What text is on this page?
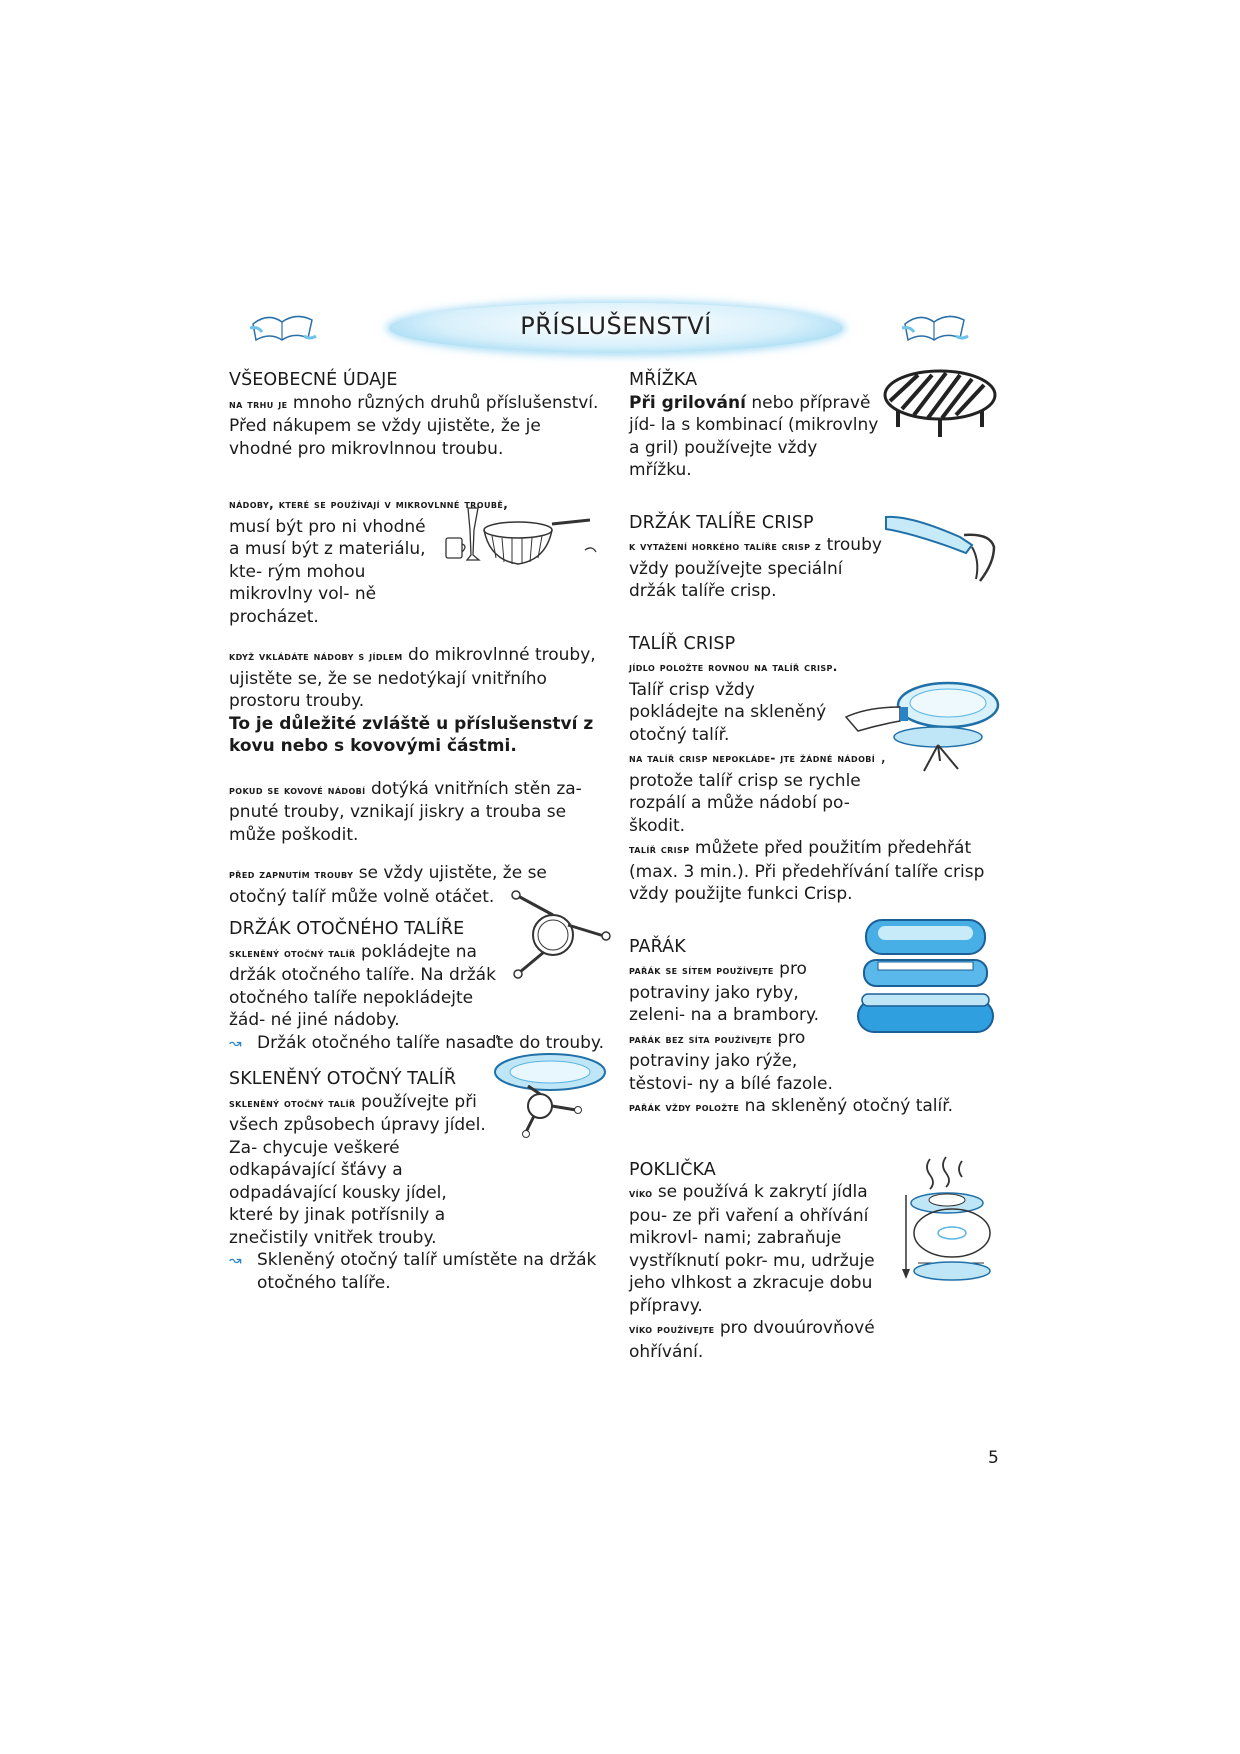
PŘÍSLUŠENSTVÍ

VŠEOBECNÉ ÚDAJE

na trhu je mnoho různých druhů příslušenství. Před nákupem se vždy ujistěte, že je vhodné pro mikrovlnnou troubu.

nádoby, které se používají v mikrovlnné troubě,

musí být pro ni vhodné a musí být z materiálu, kte- rým mohou mikrovlny vol- ně procházet.

když vkládáte nádoby s jídlem do mikrovlnné trouby, ujistěte se, že se nedotýkají vnitřního prostoru trouby.

To je důležité zvláště u příslušenství z kovu nebo s kovovými částmi.

pokud se kovové nádobí dotýká vnitřních stěn za- pnuté trouby, vznikají jiskry a trouba se může poškodit.

před zapnutím trouby se vždy ujistěte, že se otočný talíř může volně otáčet.

DRŽÁK OTOČNÉHO TALÍŘE

skleněný otočný talíř pokládejte na držák otočného talíře. Na držák otočného talíře nepokládejte žád- né jiné nádoby.

↝ Držák otočného talíře nasaďte do trouby.

SKLENĚNÝ OTOČNÝ TALÍŘ

skleněný otočný talíř používejte při všech způsobech úpravy jídel. Za- chycuje veškeré odkapávající šťávy a odpadávající kousky jídel, které by jinak potřísnily a znečistily vnitřek trouby.

↝ Skleněný otočný talíř umístěte na držák otočného talíře.

MŘÍŽKA

Při grilování nebo přípravě jíd- la s kombinací (mikrovlny a gril) používejte vždy mřížku.

DRŽÁK TALÍŘE CRISP

k vytažení horkého talíře crisp z trouby vždy používejte speciální držák talíře crisp.

TALÍŘ CRISP

jídlo položte rovnou na talíř crisp.

Talíř crisp vždy pokládejte na skleněný otočný talíř.

na talíř crisp nepokláde- jte žádné nádobí , protože talíř crisp se rychle rozpálí a může nádobí po- škodit.

talíř crisp můžete před použitím předehřát (max. 3 min.). Při předehřívání talíře crisp vždy použijte funkci Crisp.

PAŘÁK

pařák se sítem používejte pro potraviny jako ryby, zeleni- na a brambory.

pařák bez síta používejte pro potraviny jako rýže, těstovi- ny a bílé fazole.

pařák vždy položte na skleněný otočný talíř.

POKLIČKA

víko se používá k zakrytí jídla pou- ze při vaření a ohřívání mikrovl- nami; zabraňuje vystříknutí pokr- mu, udržuje jeho vlhkost a zkracuje dobu přípravy.

víko používejte pro dvouúrovňové ohřívání.

5
